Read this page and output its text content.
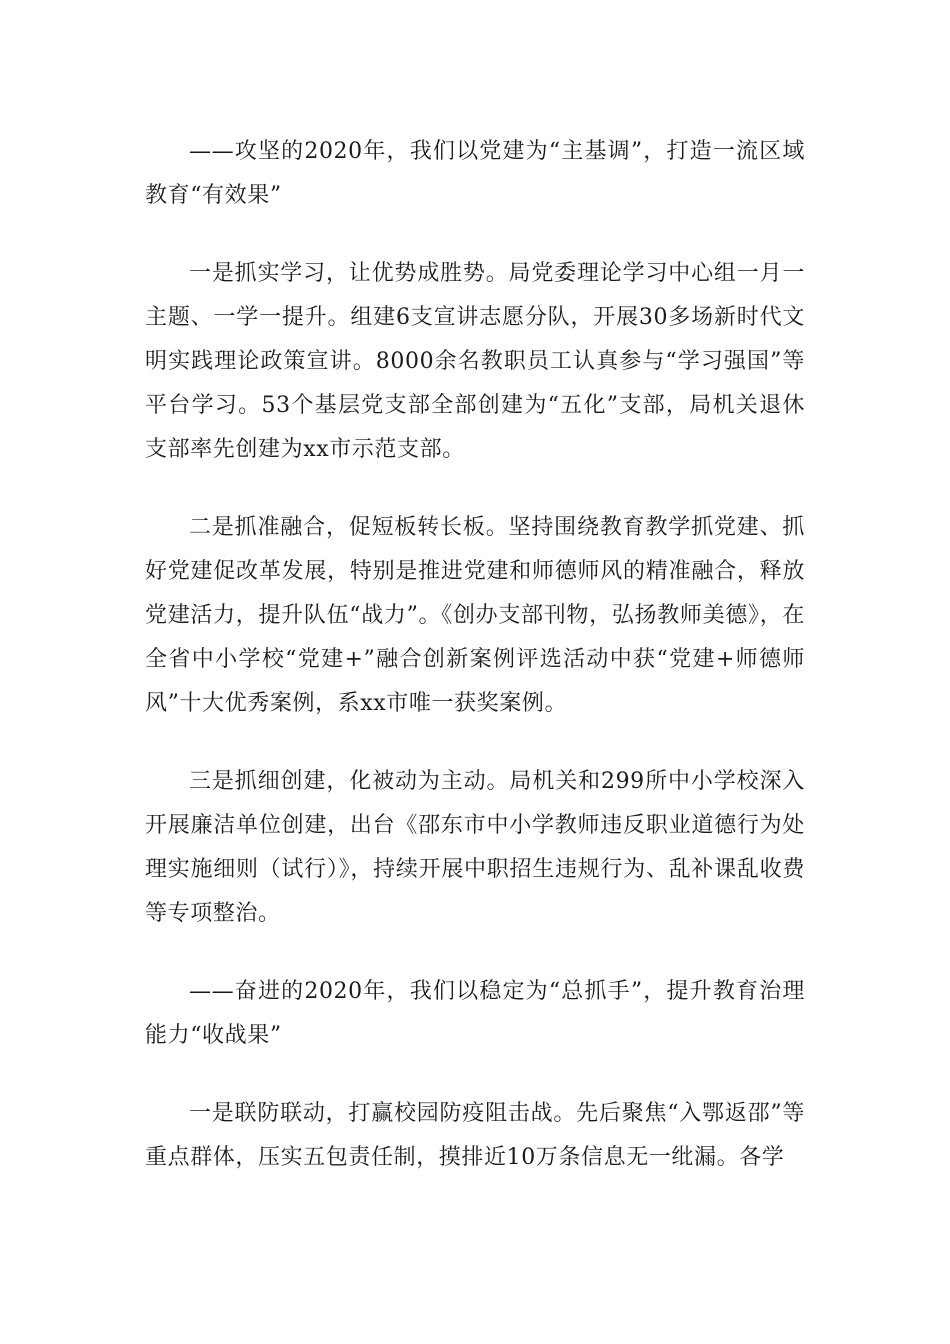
——攻坚的2020年，我们以党建为“主基调”，打造一流区域教育“有效果”

一是抓实学习，让优势成胜势。局党委理论学习中心组一月一主题、一学一提升。组建6支宣讲志愿分队，开展30多场新时代文明实践理论政策宣讲。8000余名教职员工认真参与“学习强国”等平台学习。53个基层党支部全部创建为“五化”支部，局机关退休支部率先创建为xx市示范支部。

二是抓准融合，促短板转长板。坚持围绕教育教学抓党建、抓好党建促改革发展，特别是推进党建和师德师风的精准融合，释放党建活力，提升队伍“战力”。《创办支部刊物，弘扬教师美德》，在全省中小学校“党建+”融合创新案例评选活动中获“党建+师德师风”十大优秀案例，系xx市唯一获奖案例。

三是抓细创建，化被动为主动。局机关和299所中小学校深入开展廉洁单位创建，出台《邵东市中小学教师违反职业道德行为处理实施细则（试行）》，持续开展中职招生违规行为、乱补课乱收费等专项整治。

——奋进的2020年，我们以稳定为“总抓手”，提升教育治理能力“收战果”

一是联防联动，打赢校园防疫阻击战。先后聚焦“入鄂返邵”等重点群体，压实五包责任制，摸排近10万条信息无一纰漏。各学
